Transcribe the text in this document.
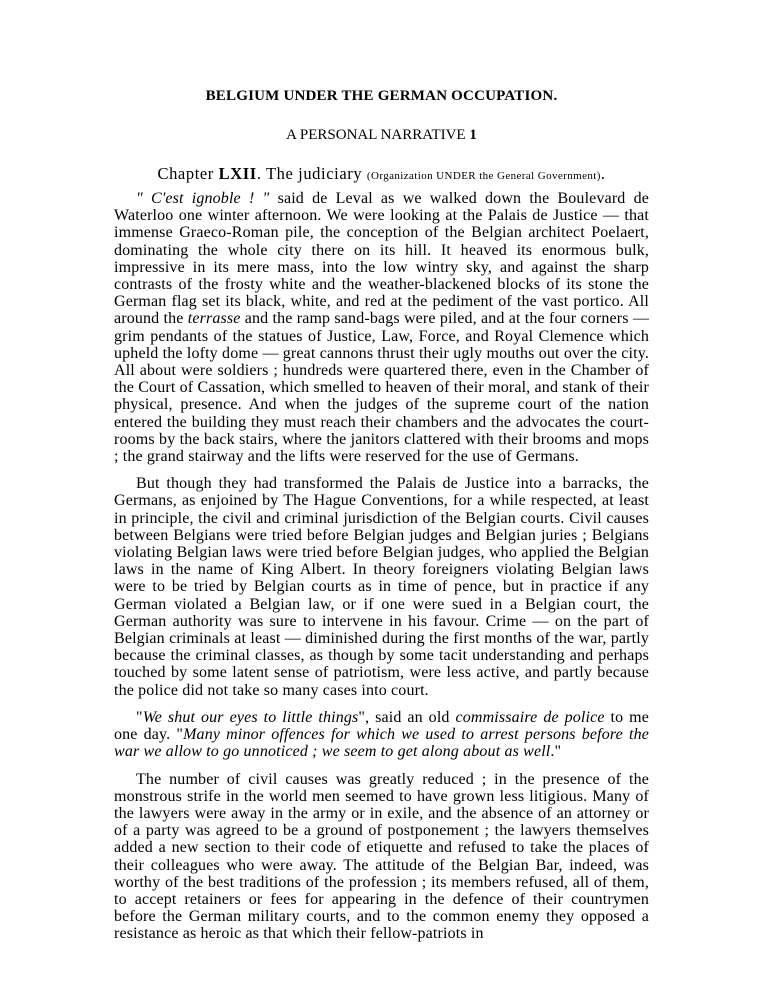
BELGIUM UNDER THE GERMAN OCCUPATION.
A PERSONAL NARRATIVE 1
Chapter LXII. The judiciary (Organization UNDER the General Government).

" C'est ignoble ! " said de Leval as we walked down the Boulevard de Waterloo one winter afternoon. We were looking at the Palais de Justice — that immense Graeco-Roman pile, the conception of the Belgian architect Poelaert, dominating the whole city there on its hill. It heaved its enormous bulk, impressive in its mere mass, into the low wintry sky, and against the sharp contrasts of the frosty white and the weather-blackened blocks of its stone the German flag set its black, white, and red at the pediment of the vast portico. All around the terrasse and the ramp sand-bags were piled, and at the four corners — grim pendants of the statues of Justice, Law, Force, and Royal Clemence which upheld the lofty dome — great cannons thrust their ugly mouths out over the city. All about were soldiers ; hundreds were quartered there, even in the Chamber of the Court of Cassation, which smelled to heaven of their moral, and stank of their physical, presence. And when the judges of the supreme court of the nation entered the building they must reach their chambers and the advocates the court-rooms by the back stairs, where the janitors clattered with their brooms and mops ; the grand stairway and the lifts were reserved for the use of Germans.

But though they had transformed the Palais de Justice into a barracks, the Germans, as enjoined by The Hague Conventions, for a while respected, at least in principle, the civil and criminal jurisdiction of the Belgian courts. Civil causes between Belgians were tried before Belgian judges and Belgian juries ; Belgians violating Belgian laws were tried before Belgian judges, who applied the Belgian laws in the name of King Albert. In theory foreigners violating Belgian laws were to be tried by Belgian courts as in time of pence, but in practice if any German violated a Belgian law, or if one were sued in a Belgian court, the German authority was sure to intervene in his favour. Crime — on the part of Belgian criminals at least — diminished during the first months of the war, partly because the criminal classes, as though by some tacit understanding and perhaps touched by some latent sense of patriotism, were less active, and partly because the police did not take so many cases into court.

"We shut our eyes to little things", said an old commissaire de police to me one day. "Many minor offences for which we used to arrest persons before the war we allow to go unnoticed ; we seem to get along about as well."

The number of civil causes was greatly reduced ; in the presence of the monstrous strife in the world men seemed to have grown less litigious. Many of the lawyers were away in the army or in exile, and the absence of an attorney or of a party was agreed to be a ground of postponement ; the lawyers themselves added a new section to their code of etiquette and refused to take the places of their colleagues who were away. The attitude of the Belgian Bar, indeed, was worthy of the best traditions of the profession ; its members refused, all of them, to accept retainers or fees for appearing in the defence of their countrymen before the German military courts, and to the common enemy they opposed a resistance as heroic as that which their fellow-patriots in
